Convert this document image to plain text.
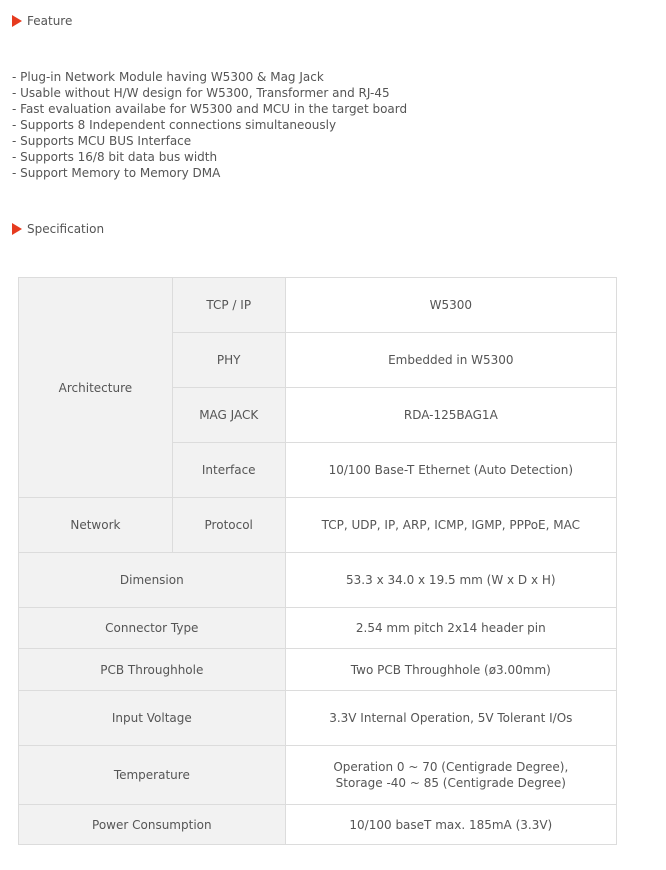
Feature
- Plug-in Network Module having W5300 & Mag Jack
- Usable without H/W design for W5300, Transformer and RJ-45
- Fast evaluation availabe for W5300 and MCU in the target board
- Supports 8 Independent connections simultaneously
- Supports MCU BUS Interface
- Supports 16/8 bit data bus width
- Support Memory to Memory DMA
Specification
Architecture	TCP / IP	W5300
	PHY	Embedded in W5300
	MAG JACK	RDA-125BAG1A
	Interface	10/100 Base-T Ethernet (Auto Detection)
Network	Protocol	TCP, UDP, IP, ARP, ICMP, IGMP, PPPoE, MAC
Dimension		53.3 x 34.0 x 19.5 mm (W x D x H)
Connector Type		2.54 mm pitch 2x14 header pin
PCB Throughhole		Two PCB Throughhole (ø3.00mm)
Input Voltage		3.3V Internal Operation, 5V Tolerant I/Os
Temperature		Operation 0 ~ 70 (Centigrade Degree),
Storage -40 ~ 85 (Centigrade Degree)

Power Consumption		10/100 baseT max. 185mA (3.3V)
